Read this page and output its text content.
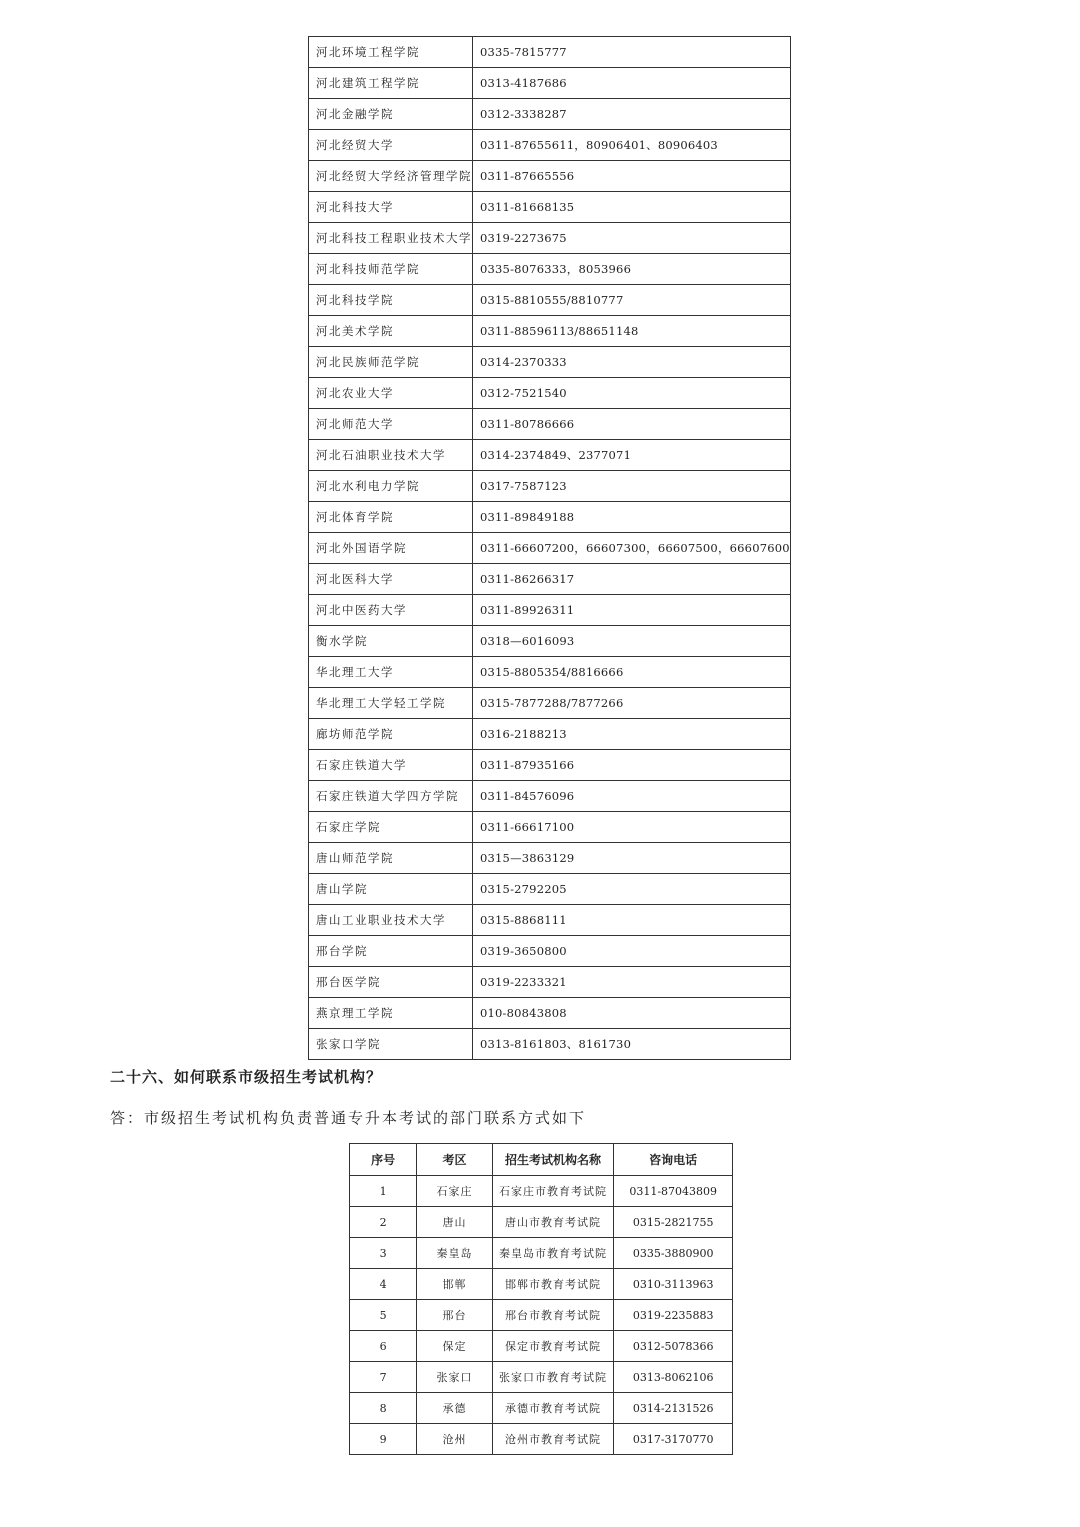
河北环境工程学院	0335-7815777
河北建筑工程学院	0313-4187686
河北金融学院	0312-3338287
河北经贸大学	0311-87655611，80906401、80906403
河北经贸大学经济管理学院	0311-87665556
河北科技大学	0311-81668135
河北科技工程职业技术大学	0319-2273675
河北科技师范学院	0335-8076333，8053966
河北科技学院	0315-8810555/8810777
河北美术学院	0311-88596113/88651148
河北民族师范学院	0314-2370333
河北农业大学	0312-7521540
河北师范大学	0311-80786666
河北石油职业技术大学	0314-2374849、2377071
河北水利电力学院	0317-7587123
河北体育学院	0311-89849188
河北外国语学院	0311-66607200，66607300，66607500，66607600
河北医科大学	0311-86266317
河北中医药大学	0311-89926311
衡水学院	0318—6016093
华北理工大学	0315-8805354/8816666
华北理工大学轻工学院	0315-7877288/7877266
廊坊师范学院	0316-2188213
石家庄铁道大学	0311-87935166
石家庄铁道大学四方学院	0311-84576096
石家庄学院	0311-66617100
唐山师范学院	0315—3863129
唐山学院	0315-2792205
唐山工业职业技术大学	0315-8868111
邢台学院	0319-3650800
邢台医学院	0319-2233321
燕京理工学院	010-80843808
张家口学院	0313-8161803、8161730
二十六、如何联系市级招生考试机构？
答：市级招生考试机构负责普通专升本考试的部门联系方式如下
序号	考区	招生考试机构名称	咨询电话
1	石家庄	石家庄市教育考试院	0311-87043809
2	唐山	唐山市教育考试院	0315-2821755
3	秦皇岛	秦皇岛市教育考试院	0335-3880900
4	邯郸	邯郸市教育考试院	0310-3113963
5	邢台	邢台市教育考试院	0319-2235883
6	保定	保定市教育考试院	0312-5078366
7	张家口	张家口市教育考试院	0313-8062106
8	承德	承德市教育考试院	0314-2131526
9	沧州	沧州市教育考试院	0317-3170770
